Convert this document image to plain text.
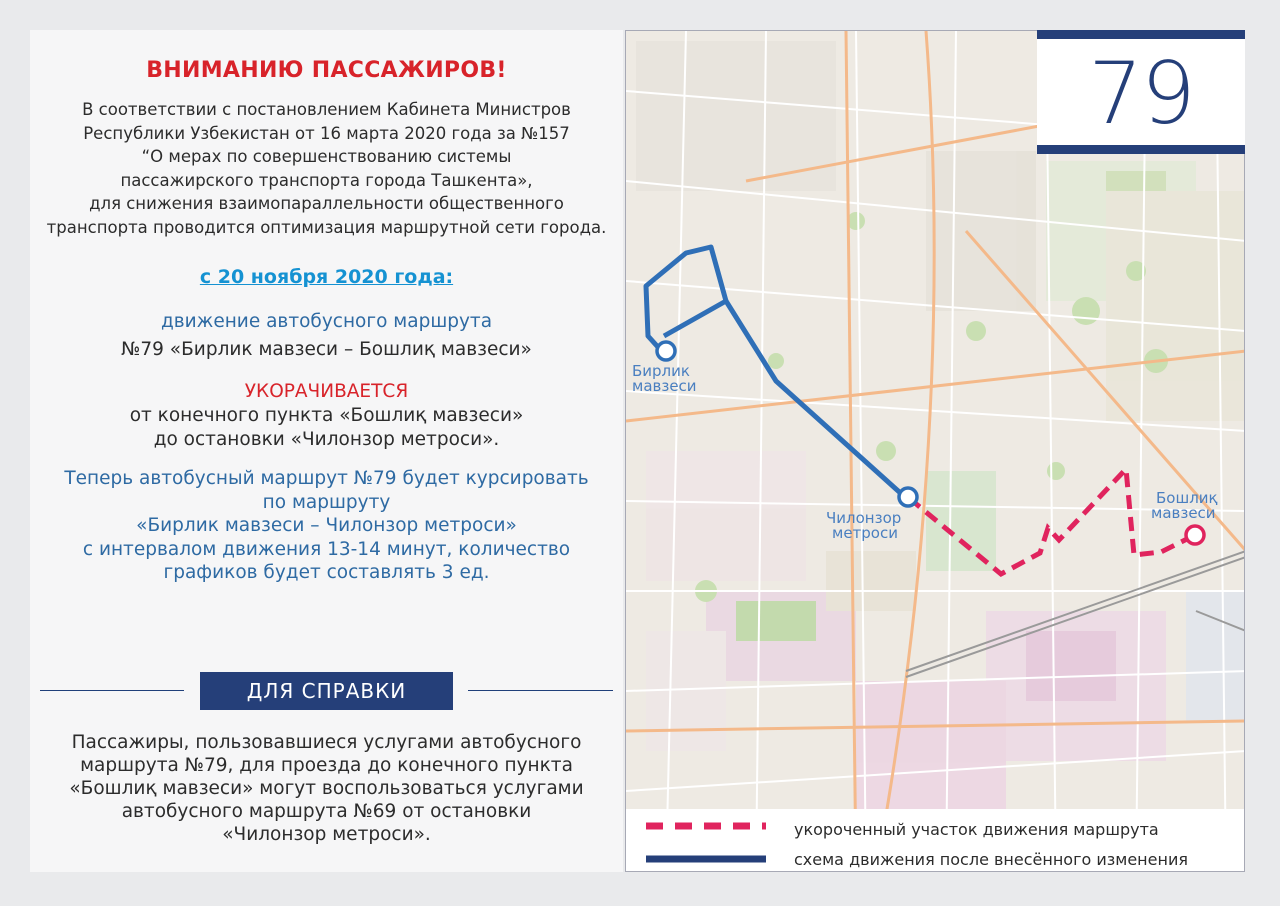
ВНИМАНИЮ ПАССАЖИРОВ!
В соответствии с постановлением Кабинета Министров
Республики Узбекистан от 16 марта 2020 года за №157
“О мерах по совершенствованию системы
пассажирского транспорта города Ташкента»,
для снижения взаимопараллельности общественного
транспорта проводится оптимизация маршрутной сети города.
с 20 ноября 2020 года:
движение автобусного маршрута
№79 «Бирлик мавзеси – Бошлиқ мавзеси»
УКОРАЧИВАЕТСЯ
от конечного пункта «Бошлиқ мавзеси»
до остановки «Чилонзор метроси».
Теперь автобусный маршрут №79 будет курсировать
по маршруту
«Бирлик мавзеси – Чилонзор метроси»
с интервалом движения 13-14 минут, количество
графиков будет составлять 3 ед.
ДЛЯ СПРАВКИ
Пассажиры, пользовавшиеся услугами автобусного
маршрута №79, для проезда до конечного пункта
«Бошлиқ мавзеси» могут воспользоваться услугами
автобусного маршрута №69 от остановки
«Чилонзор метроси».
Бирлик
мавзеси
Чилонзор
метроси
Бошлиқ
мавзеси
79
укороченный участок движения маршрута
схема движения после внесённого изменения
